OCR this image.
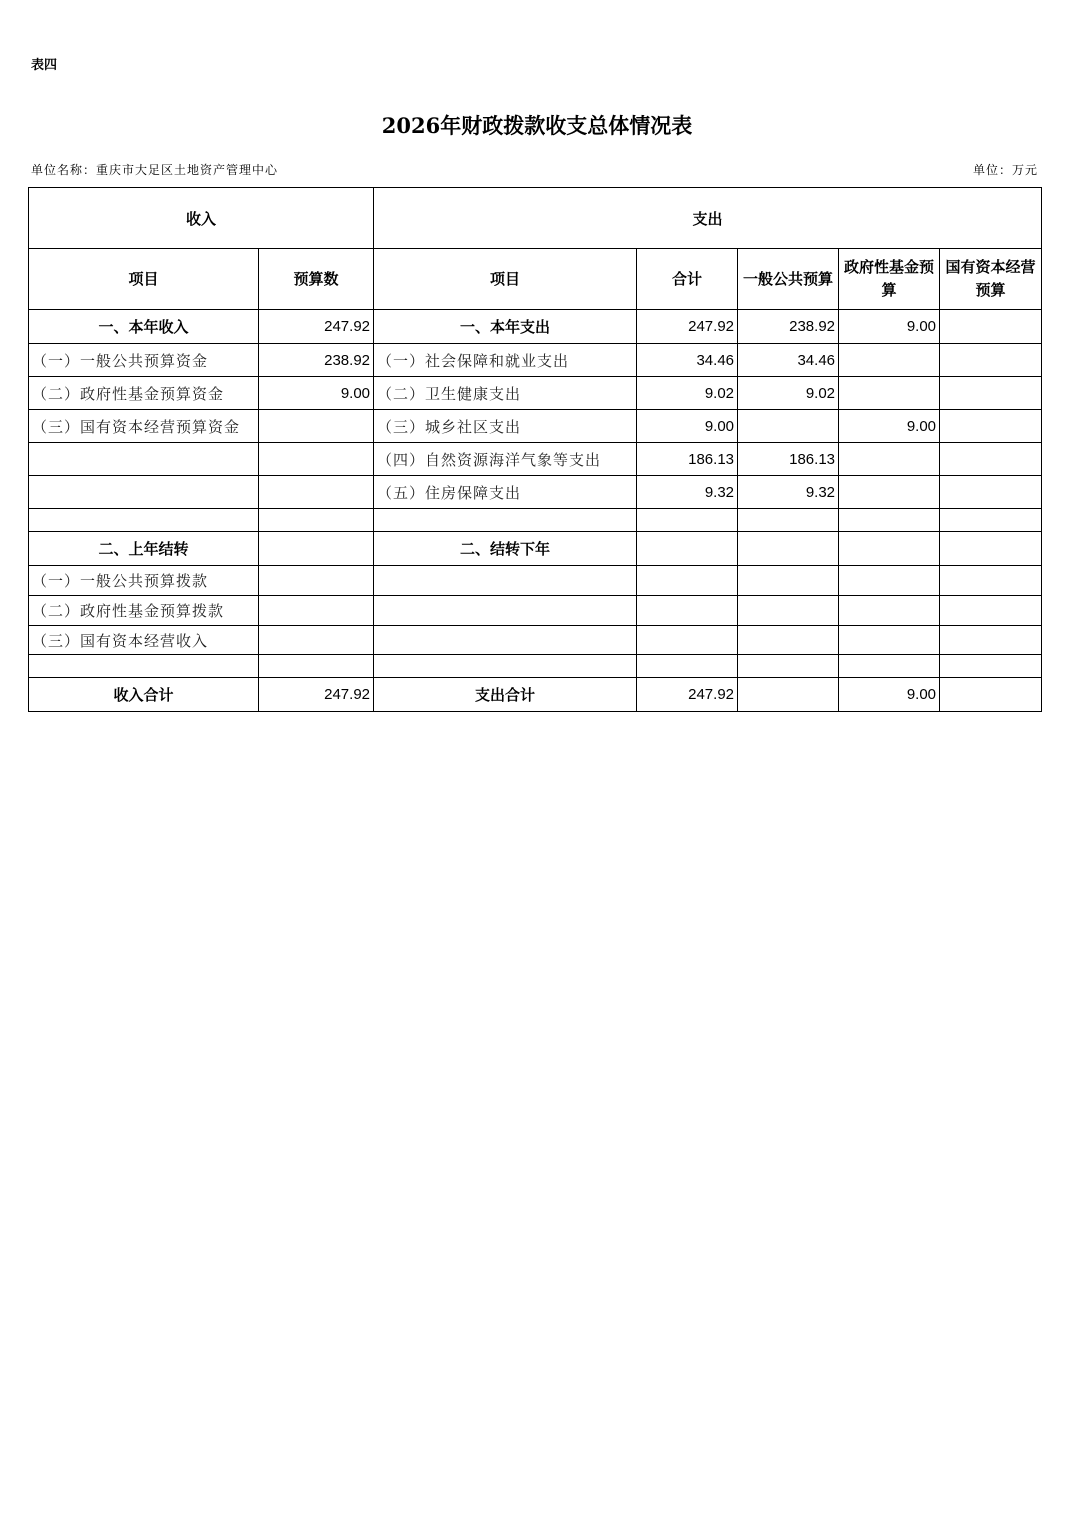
表四
2026年财政拨款收支总体情况表
单位名称：重庆市大足区土地资产管理中心	单位：万元
收入		支出				
项目	预算数	项目	合计	一般公共预算	政府性基金预算	国有资本经营预算
一、本年收入	247.92	一、本年支出	247.92	238.92	9.00	
（一）一般公共预算资金	238.92	（一）社会保障和就业支出	34.46	34.46		
（二）政府性基金预算资金	9.00	（二）卫生健康支出	9.02	9.02		
（三）国有资本经营预算资金		（三）城乡社区支出	9.00		9.00	
		（四）自然资源海洋气象等支出	186.13	186.13		
		（五）住房保障支出	9.32	9.32		

二、上年结转		二、结转下年				
（一）一般公共预算拨款						
（二）政府性基金预算拨款						
（三）国有资本经营收入						

收入合计	247.92	支出合计	247.92		9.00	
